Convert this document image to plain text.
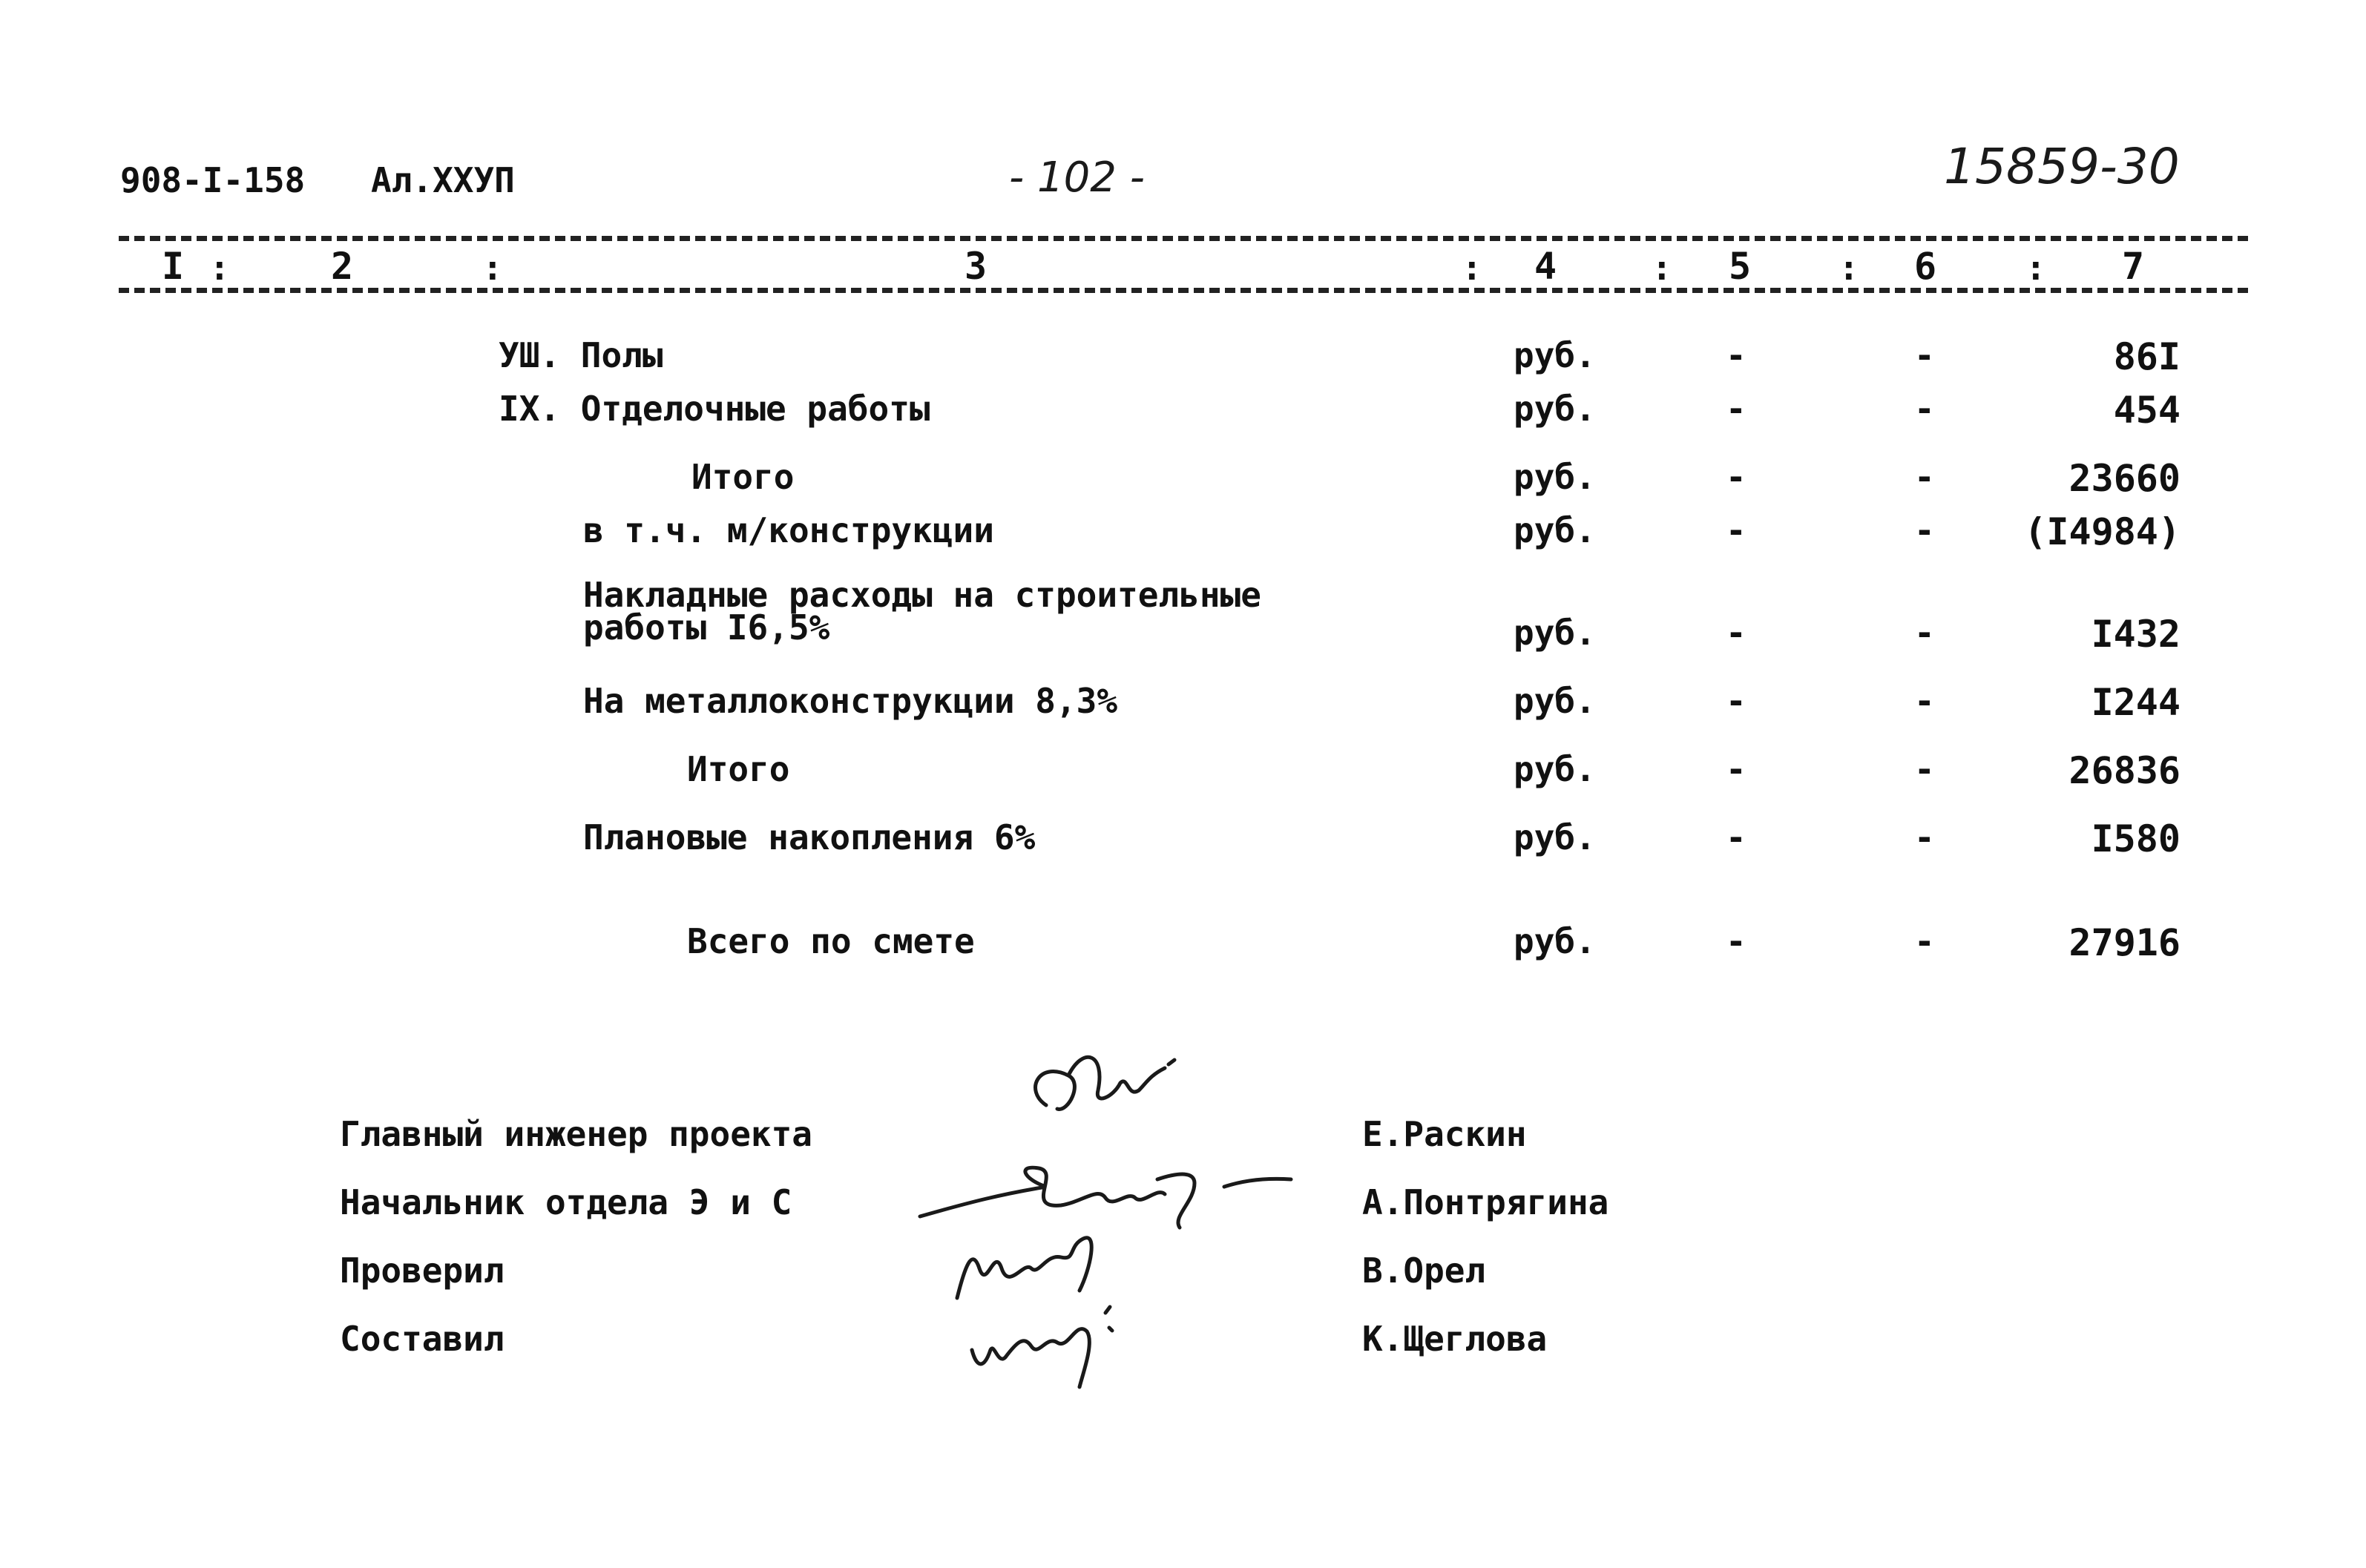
908-I-158 Ал.XXУП	- 102 -	15859-30
I :	2	:	3	: 4	: 5	: 6	: 7
УШ. Полы	руб.	-	-	86I
IX. Отделочные работы	руб.	-	-	454
Итого	руб.	-	-	23660
в т.ч. м/конструкции	руб.	-	- (I4984)
Накладные расходы на строительные
работы I6,5%	руб.	-	-	I432
На металлоконструкции 8,3%	руб.	-	-	I244
Итого	руб.	-	-	26836
Плановые накопления 6%	руб.	-	-	I580
Всего по смете	руб.	-	-	27916
Главный инженер проекта	Е.Раскин
Начальник отдела Э и С	А.Понтрягина
Проверил	В.Орел
Составил	К.Щеглова
